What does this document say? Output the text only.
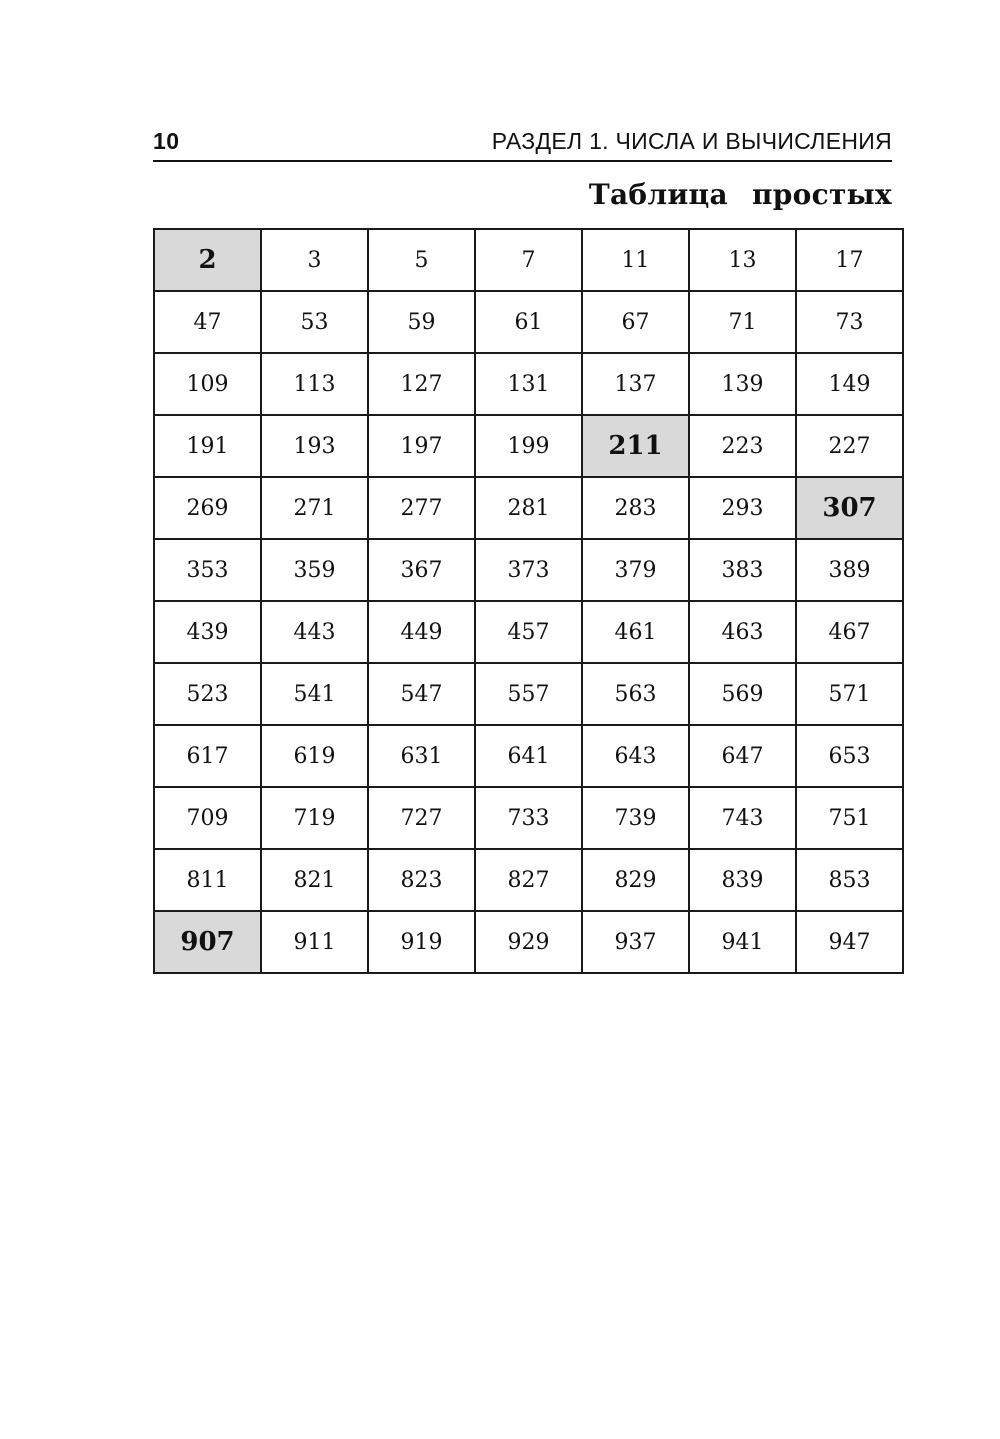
10	РАЗДЕЛ 1. ЧИСЛА И ВЫЧИСЛЕНИЯ
Таблица простых
2	3	5	7	11	13	17
47	53	59	61	67	71	73
109	113	127	131	137	139	149
191	193	197	199	211	223	227
269	271	277	281	283	293	307
353	359	367	373	379	383	389
439	443	449	457	461	463	467
523	541	547	557	563	569	571
617	619	631	641	643	647	653
709	719	727	733	739	743	751
811	821	823	827	829	839	853
907	911	919	929	937	941	947
